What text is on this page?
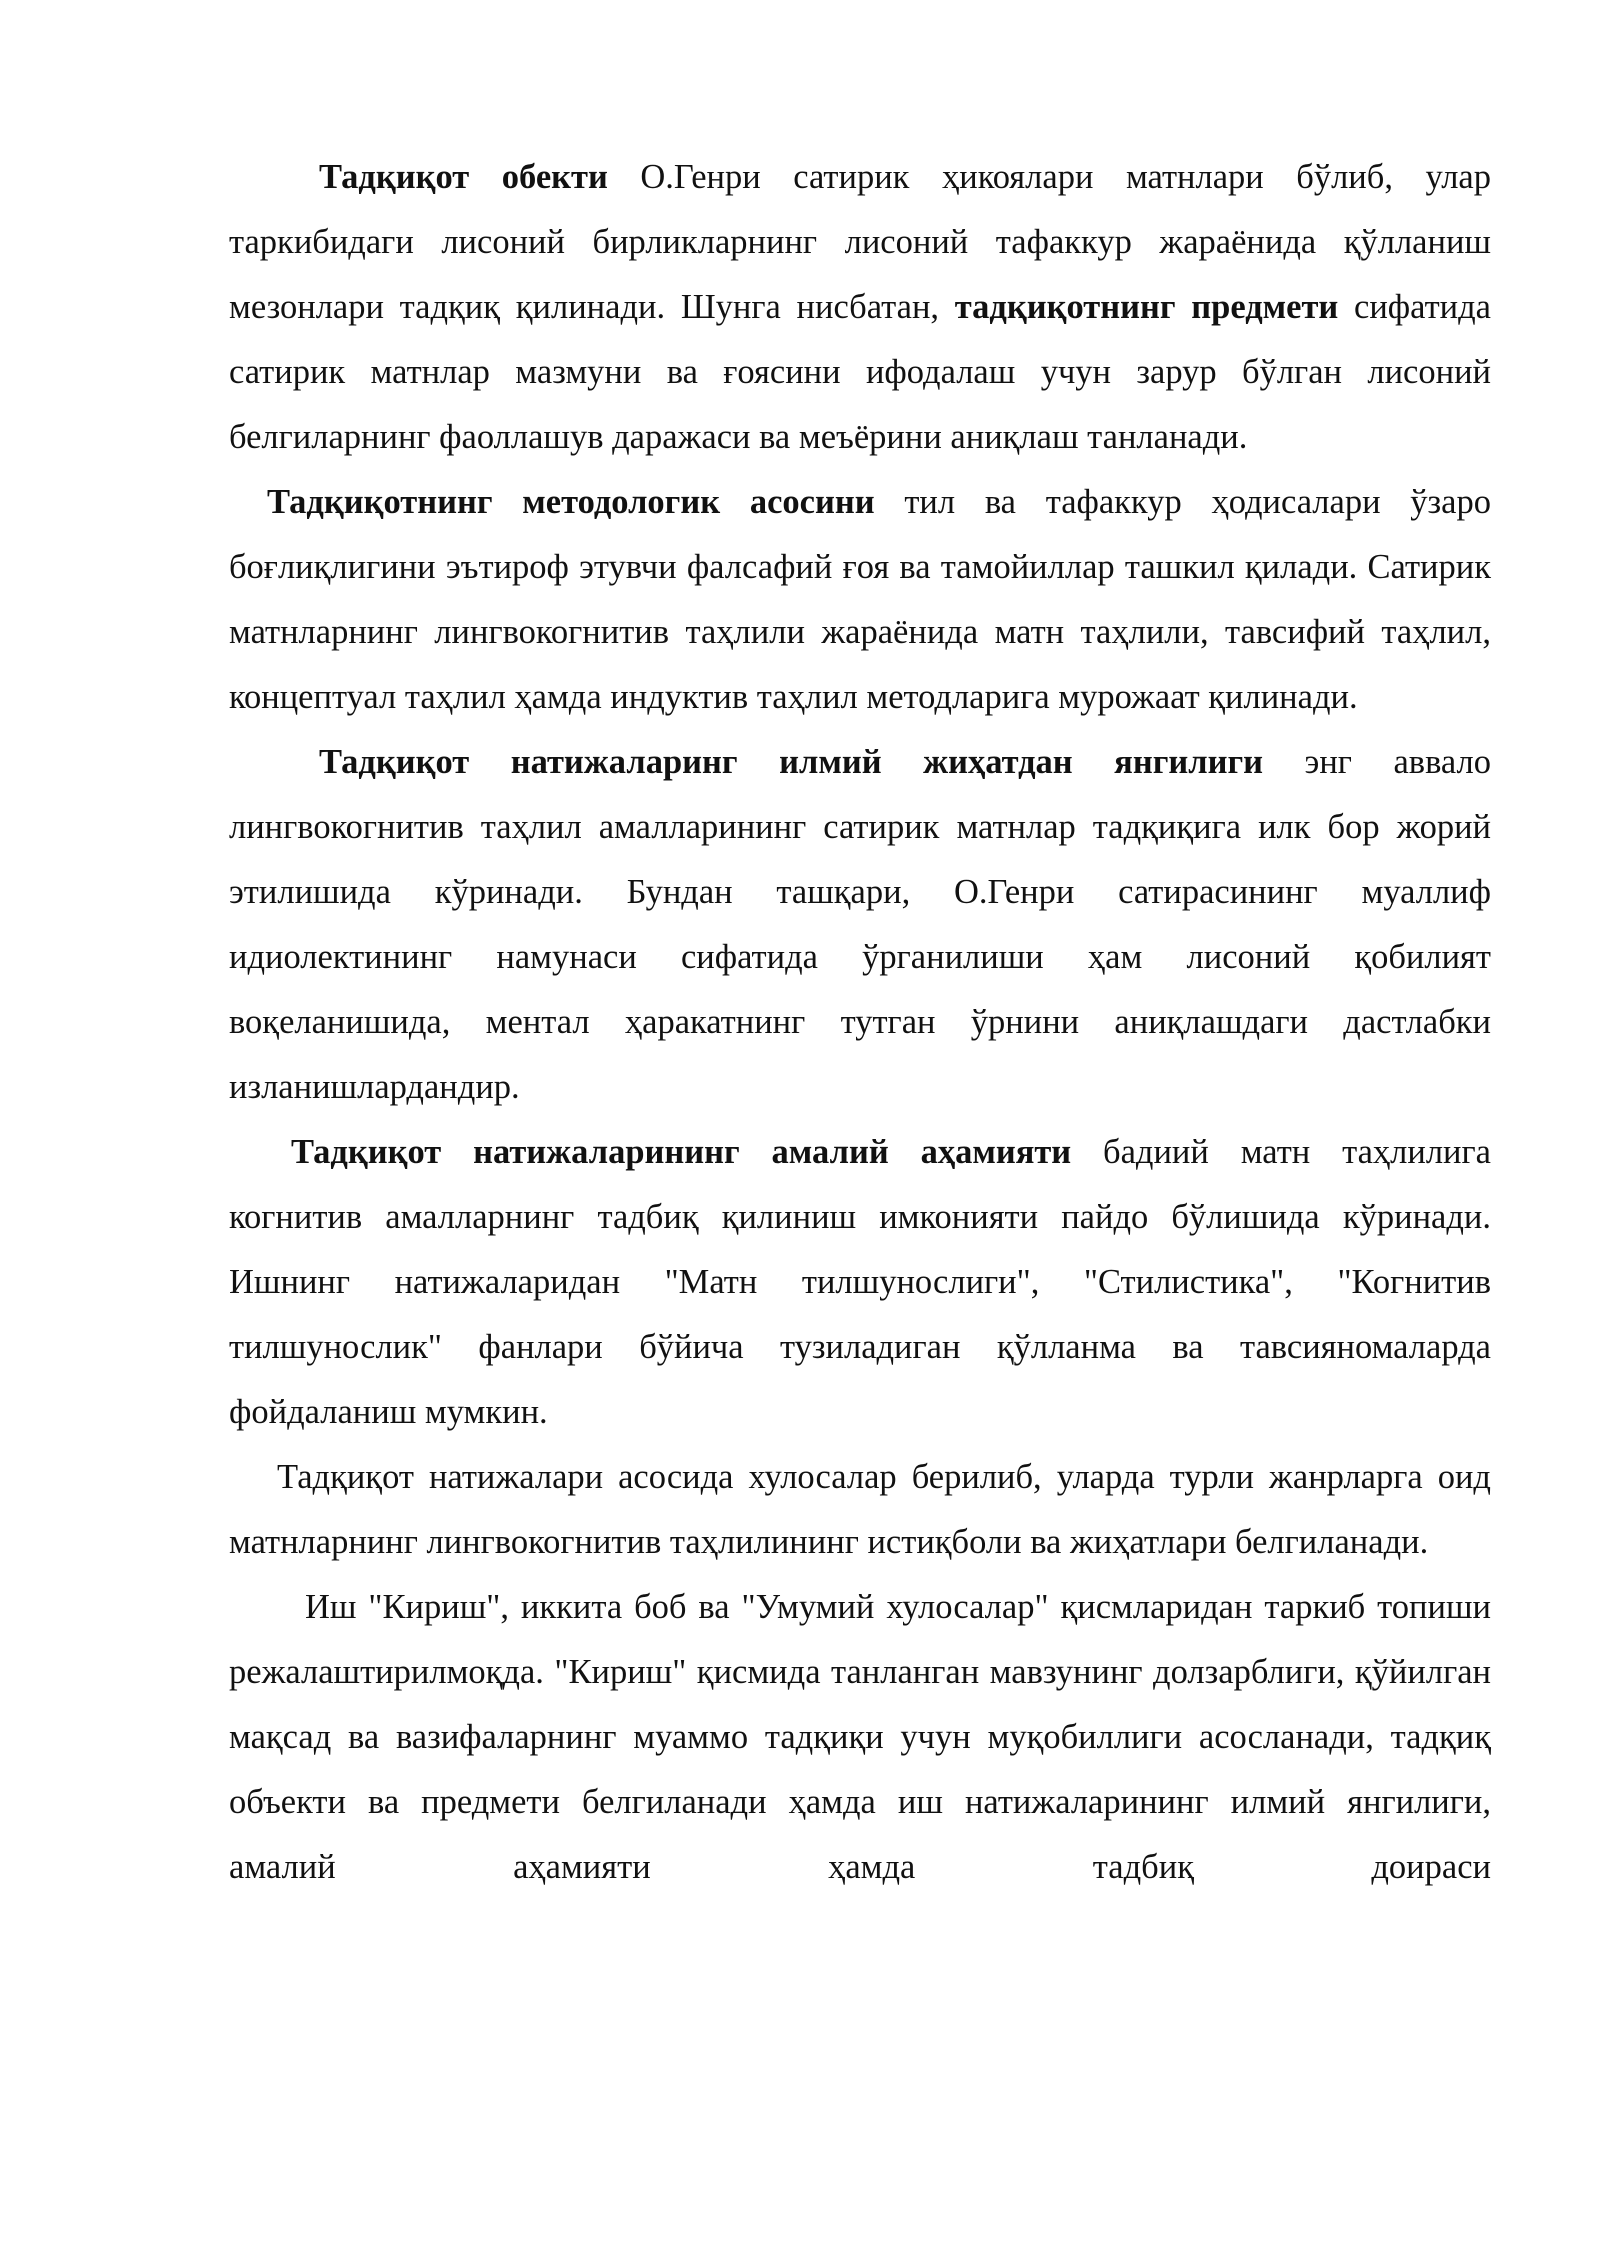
Тадқиқот обекти О.Генри сатирик ҳикоялари матнлари бўлиб, улар таркибидаги лисоний бирликларнинг лисоний тафаккур жараёнида қўлланиш мезонлари тадқиқ қилинади. Шунга нисбатан, тадқиқотнинг предмети сифатида сатирик матнлар мазмуни ва ғоясини ифодалаш учун зарур бўлган лисоний белгиларнинг фаоллашув даражаси ва меъёрини аниқлаш танланади.

Тадқиқотнинг методологик асосини тил ва тафаккур ҳодисалари ўзаро боғлиқлигини эътироф этувчи фалсафий ғоя ва тамойиллар ташкил қилади. Сатирик матнларнинг лингвокогнитив таҳлили жараёнида матн таҳлили, тавсифий таҳлил, концептуал таҳлил ҳамда индуктив таҳлил методларига мурожаат қилинади.

Тадқиқот натижаларинг илмий жиҳатдан янгилиги энг аввало лингвокогнитив таҳлил амалларининг сатирик матнлар тадқиқига илк бор жорий этилишида кўринади. Бундан ташқари, О.Генри сатирасининг муаллиф идиолектининг намунаси сифатида ўрганилиши ҳам лисоний қобилият воқеланишида, ментал ҳаракатнинг тутган ўрнини аниқлашдаги дастлабки изланишлардандир.

Тадқиқот натижаларининг амалий аҳамияти бадиий матн таҳлилига когнитив амалларнинг тадбиқ қилиниш имконияти пайдо бўлишида кўринади. Ишнинг натижаларидан "Матн тилшунослиги", "Стилистика", "Когнитив тилшунослик" фанлари бўйича тузиладиган қўлланма ва тавсияномаларда фойдаланиш мумкин.

Тадқиқот натижалари асосида хулосалар берилиб, уларда турли жанрларга оид матнларнинг лингвокогнитив таҳлилининг истиқболи ва жиҳатлари белгиланади.

Иш "Кириш", иккита боб ва "Умумий хулосалар" қисмларидан таркиб топиши режалаштирилмоқда. "Кириш" қисмида танланган мавзунинг долзарблиги, қўйилган мақсад ва вазифаларнинг муаммо тадқиқи учун муқобиллиги асосланади, тадқиқ объекти ва предмети белгиланади ҳамда иш натижаларининг илмий янгилиги, амалий аҳамияти ҳамда тадбиқ доираси
